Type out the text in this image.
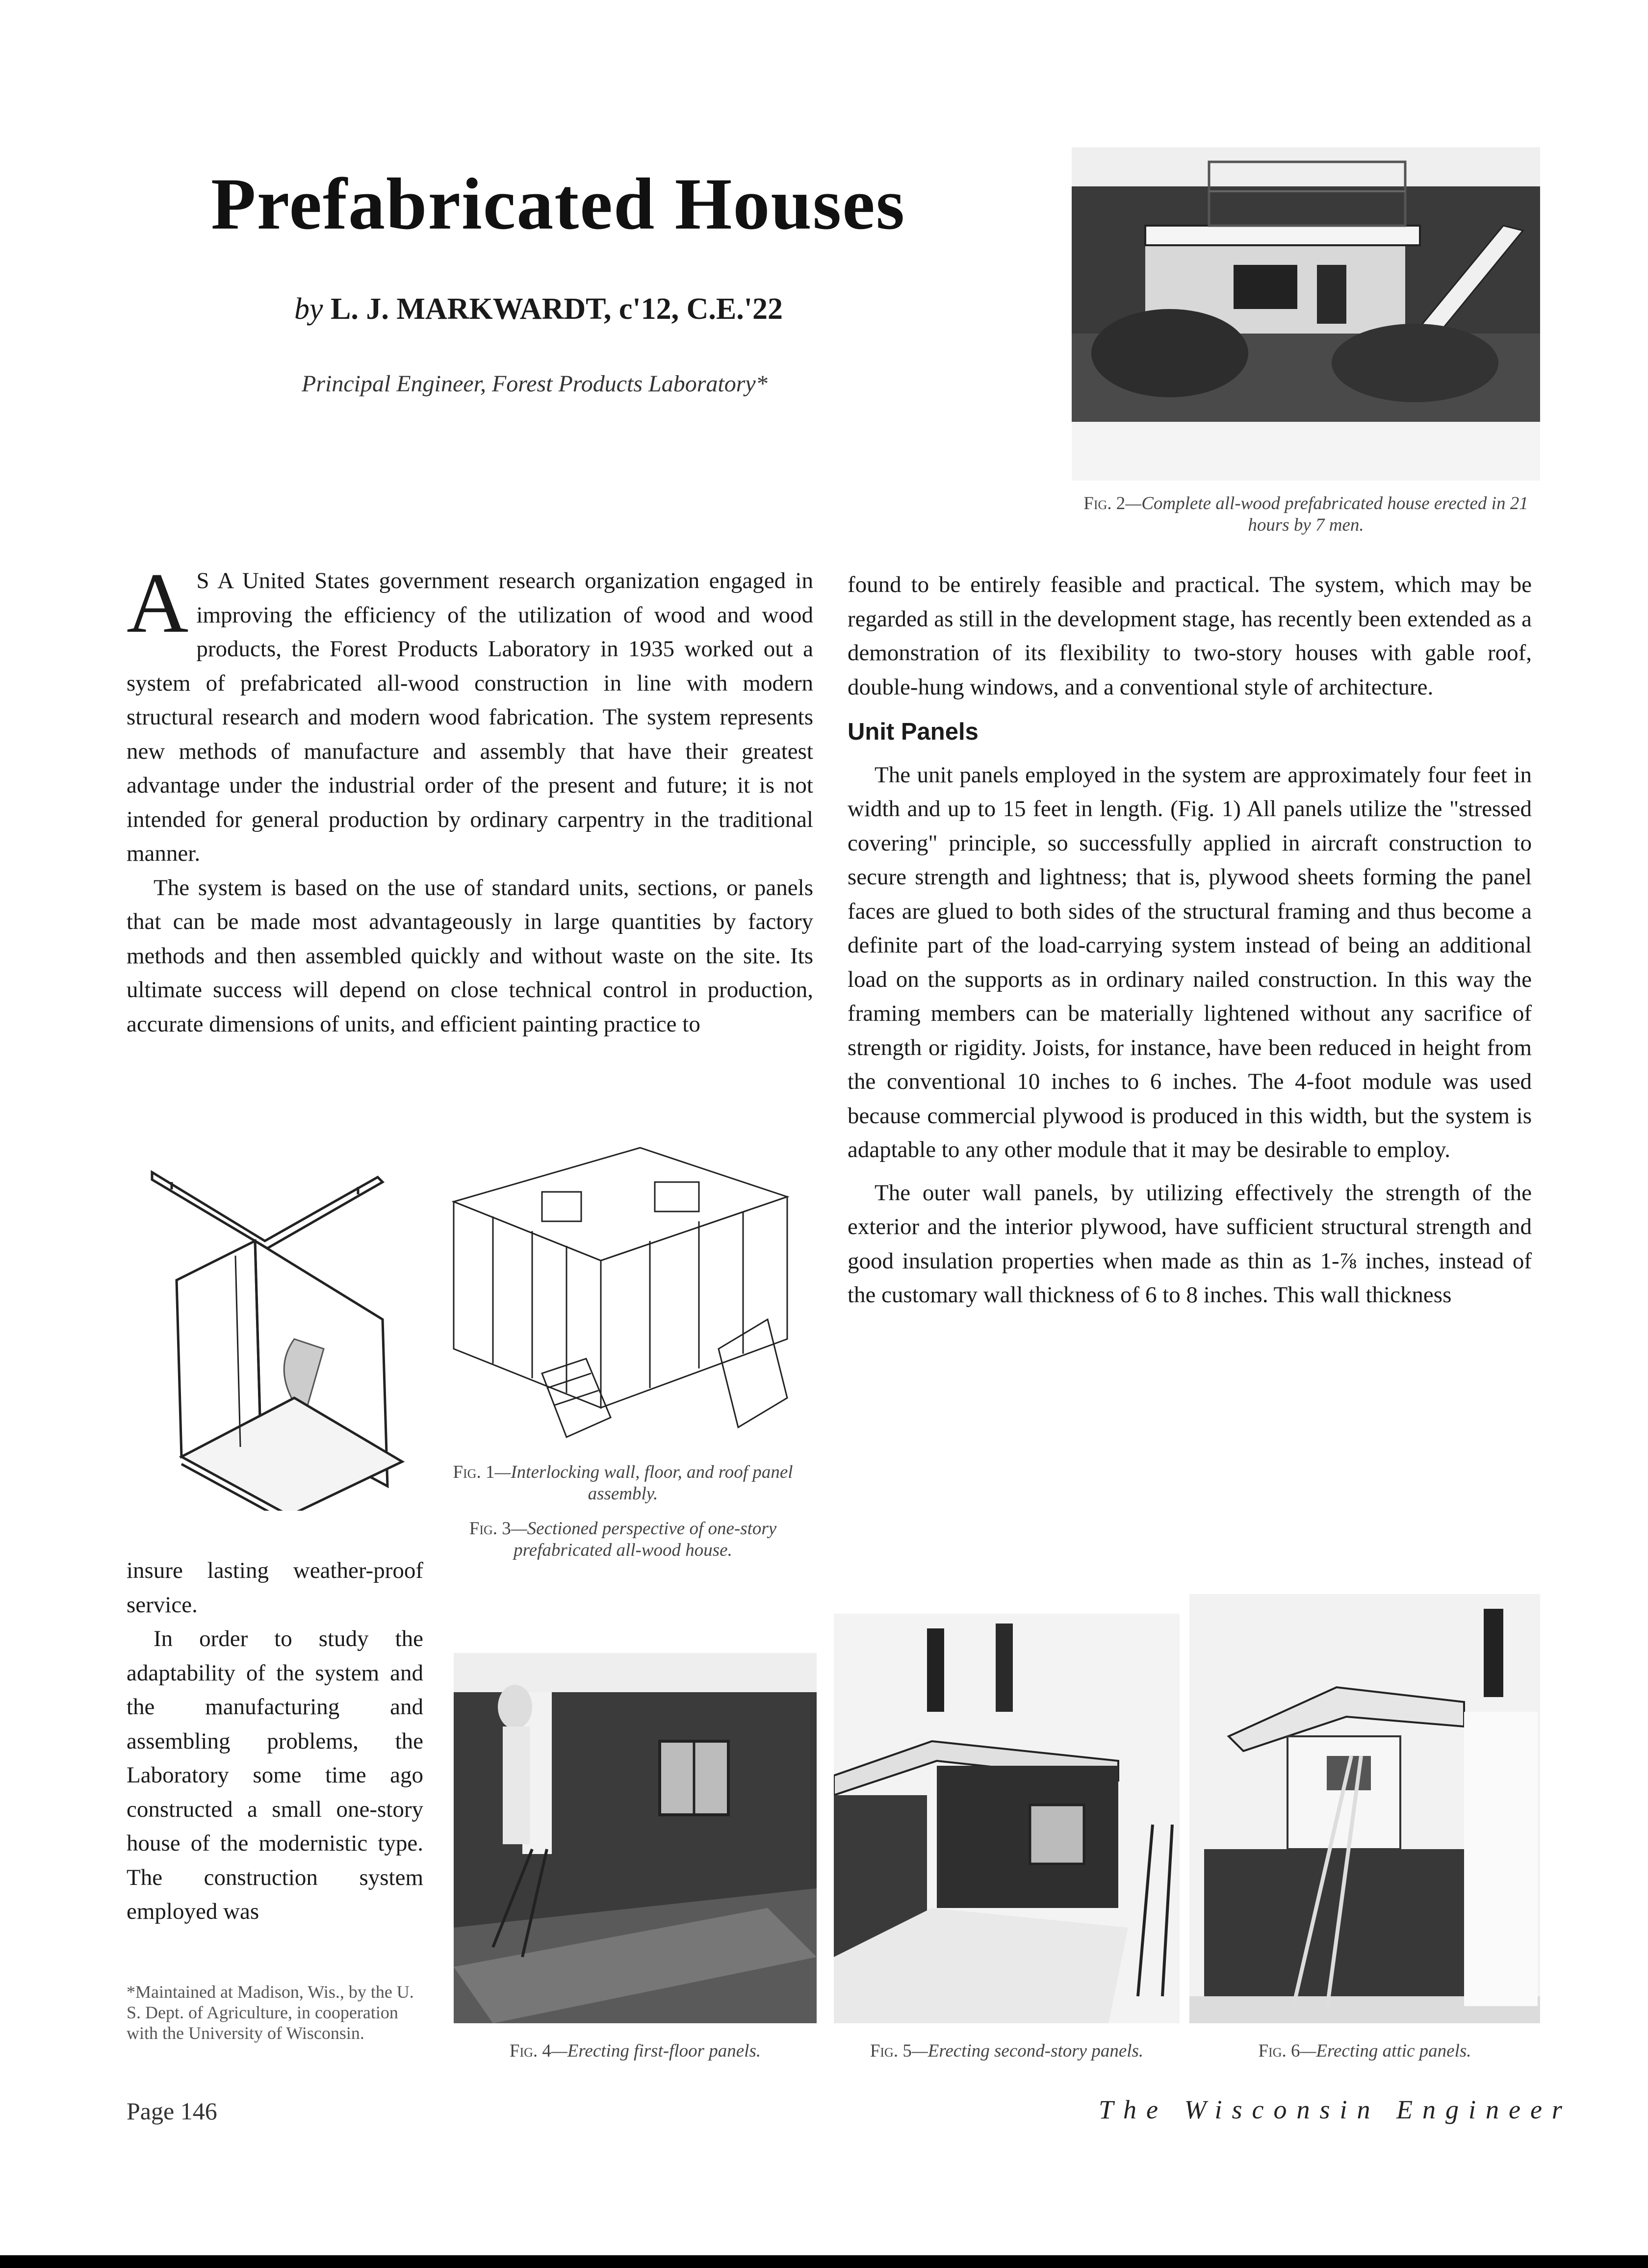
Prefabricated Houses
by L. J. MARKWARDT, c'12, C.E.'22
Principal Engineer, Forest Products Laboratory*
Fig. 2—Complete all-wood prefabricated house erected in 21 hours by 7 men.

A S A United States government research organization engaged in improving the efficiency of the utilization of wood and wood products, the Forest Products Laboratory in 1935 worked out a system of prefabricated all-wood construction in line with modern structural research and modern wood fabrication. The system represents new methods of manufacture and assembly that have their greatest advantage under the industrial order of the present and future; it is not intended for general production by ordinary carpentry in the traditional manner.

The system is based on the use of standard units, sections, or panels that can be made most advantageously in large quantities by factory methods and then assembled quickly and without waste on the site. Its ultimate success will depend on close technical control in production, accurate dimensions of units, and efficient painting practice to

found to be entirely feasible and practical. The system, which may be regarded as still in the development stage, has recently been extended as a demonstration of its flexibility to two-story houses with gable roof, double-hung windows, and a conventional style of architecture.

Unit Panels

The unit panels employed in the system are approximately four feet in width and up to 15 feet in length. (Fig. 1) All panels utilize the "stressed covering" principle, so successfully applied in aircraft construction to secure strength and lightness; that is, plywood sheets forming the panel faces are glued to both sides of the structural framing and thus become a definite part of the load-carrying system instead of being an additional load on the supports as in ordinary nailed construction. In this way the framing members can be materially lightened without any sacrifice of strength or rigidity. Joists, for instance, have been reduced in height from the conventional 10 inches to 6 inches. The 4-foot module was used because commercial plywood is produced in this width, but the system is adaptable to any other module that it may be desirable to employ.

The outer wall panels, by utilizing effectively the strength of the exterior and the interior plywood, have sufficient structural strength and good insulation properties when made as thin as 1-⅞ inches, instead of the customary wall thickness of 6 to 8 inches. This wall thickness

Fig. 1—Interlocking wall, floor, and roof panel assembly.
Fig. 3—Sectioned perspective of one-story prefabricated all-wood house.

insure lasting weather-proof service.

In order to study the adaptability of the system and the manufacturing and assembling problems, the Laboratory some time ago constructed a small one-story house of the modernistic type. The construction system employed was

Fig. 4—Erecting first-floor panels.	Fig. 5—Erecting second-story panels.	Fig. 6—Erecting attic panels.
*Maintained at Madison, Wis., by the U. S. Dept. of Agriculture, in cooperation with the University of Wisconsin.
Page 146	The Wisconsin Engineer
